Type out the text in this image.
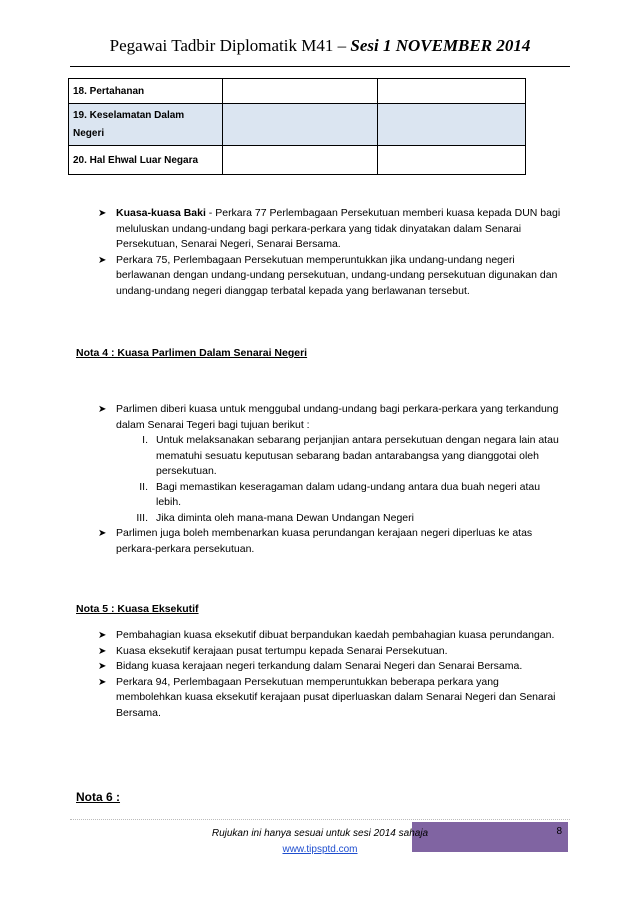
Pegawai Tadbir Diplomatik M41 – Sesi 1 NOVEMBER 2014
18. Pertahanan		
19. Keselamatan Dalam Negeri		
20. Hal Ehwal Luar Negara		
➤ Kuasa-kuasa Baki - Perkara 77 Perlembagaan Persekutuan memberi kuasa kepada DUN bagi meluluskan undang-undang bagi perkara-perkara yang tidak dinyatakan dalam Senarai Persekutuan, Senarai Negeri, Senarai Bersama.
➤ Perkara 75, Perlembagaan Persekutuan memperuntukkan jika undang-undang negeri berlawanan dengan undang-undang persekutuan, undang-undang persekutuan digunakan dan undang-undang negeri dianggap terbatal kepada yang berlawanan tersebut.
Nota 4 : Kuasa Parlimen Dalam Senarai Negeri
➤ Parlimen diberi kuasa untuk menggubal undang-undang bagi perkara-perkara yang terkandung dalam Senarai Tegeri bagi tujuan berikut :
I. Untuk melaksanakan sebarang perjanjian antara persekutuan dengan negara lain atau mematuhi sesuatu keputusan sebarang badan antarabangsa yang dianggotai oleh persekutuan.
II. Bagi memastikan keseragaman dalam udang-undang antara dua buah negeri atau lebih.
III. Jika diminta oleh mana-mana Dewan Undangan Negeri
➤ Parlimen juga boleh membenarkan kuasa perundangan kerajaan negeri diperluas ke atas perkara-perkara persekutuan.
Nota 5 : Kuasa Eksekutif
➤ Pembahagian kuasa eksekutif dibuat berpandukan kaedah pembahagian kuasa perundangan.
➤ Kuasa eksekutif kerajaan pusat tertumpu kepada Senarai Persekutuan.
➤ Bidang kuasa kerajaan negeri terkandung dalam Senarai Negeri dan Senarai Bersama.
➤ Perkara 94, Perlembagaan Persekutuan memperuntukkan beberapa perkara yang membolehkan kuasa eksekutif kerajaan pusat diperluaskan dalam Senarai Negeri dan Senarai Bersama.
Nota 6 :
8
Rujukan ini hanya sesuai untuk sesi 2014 sahaja
www.tipsptd.com
